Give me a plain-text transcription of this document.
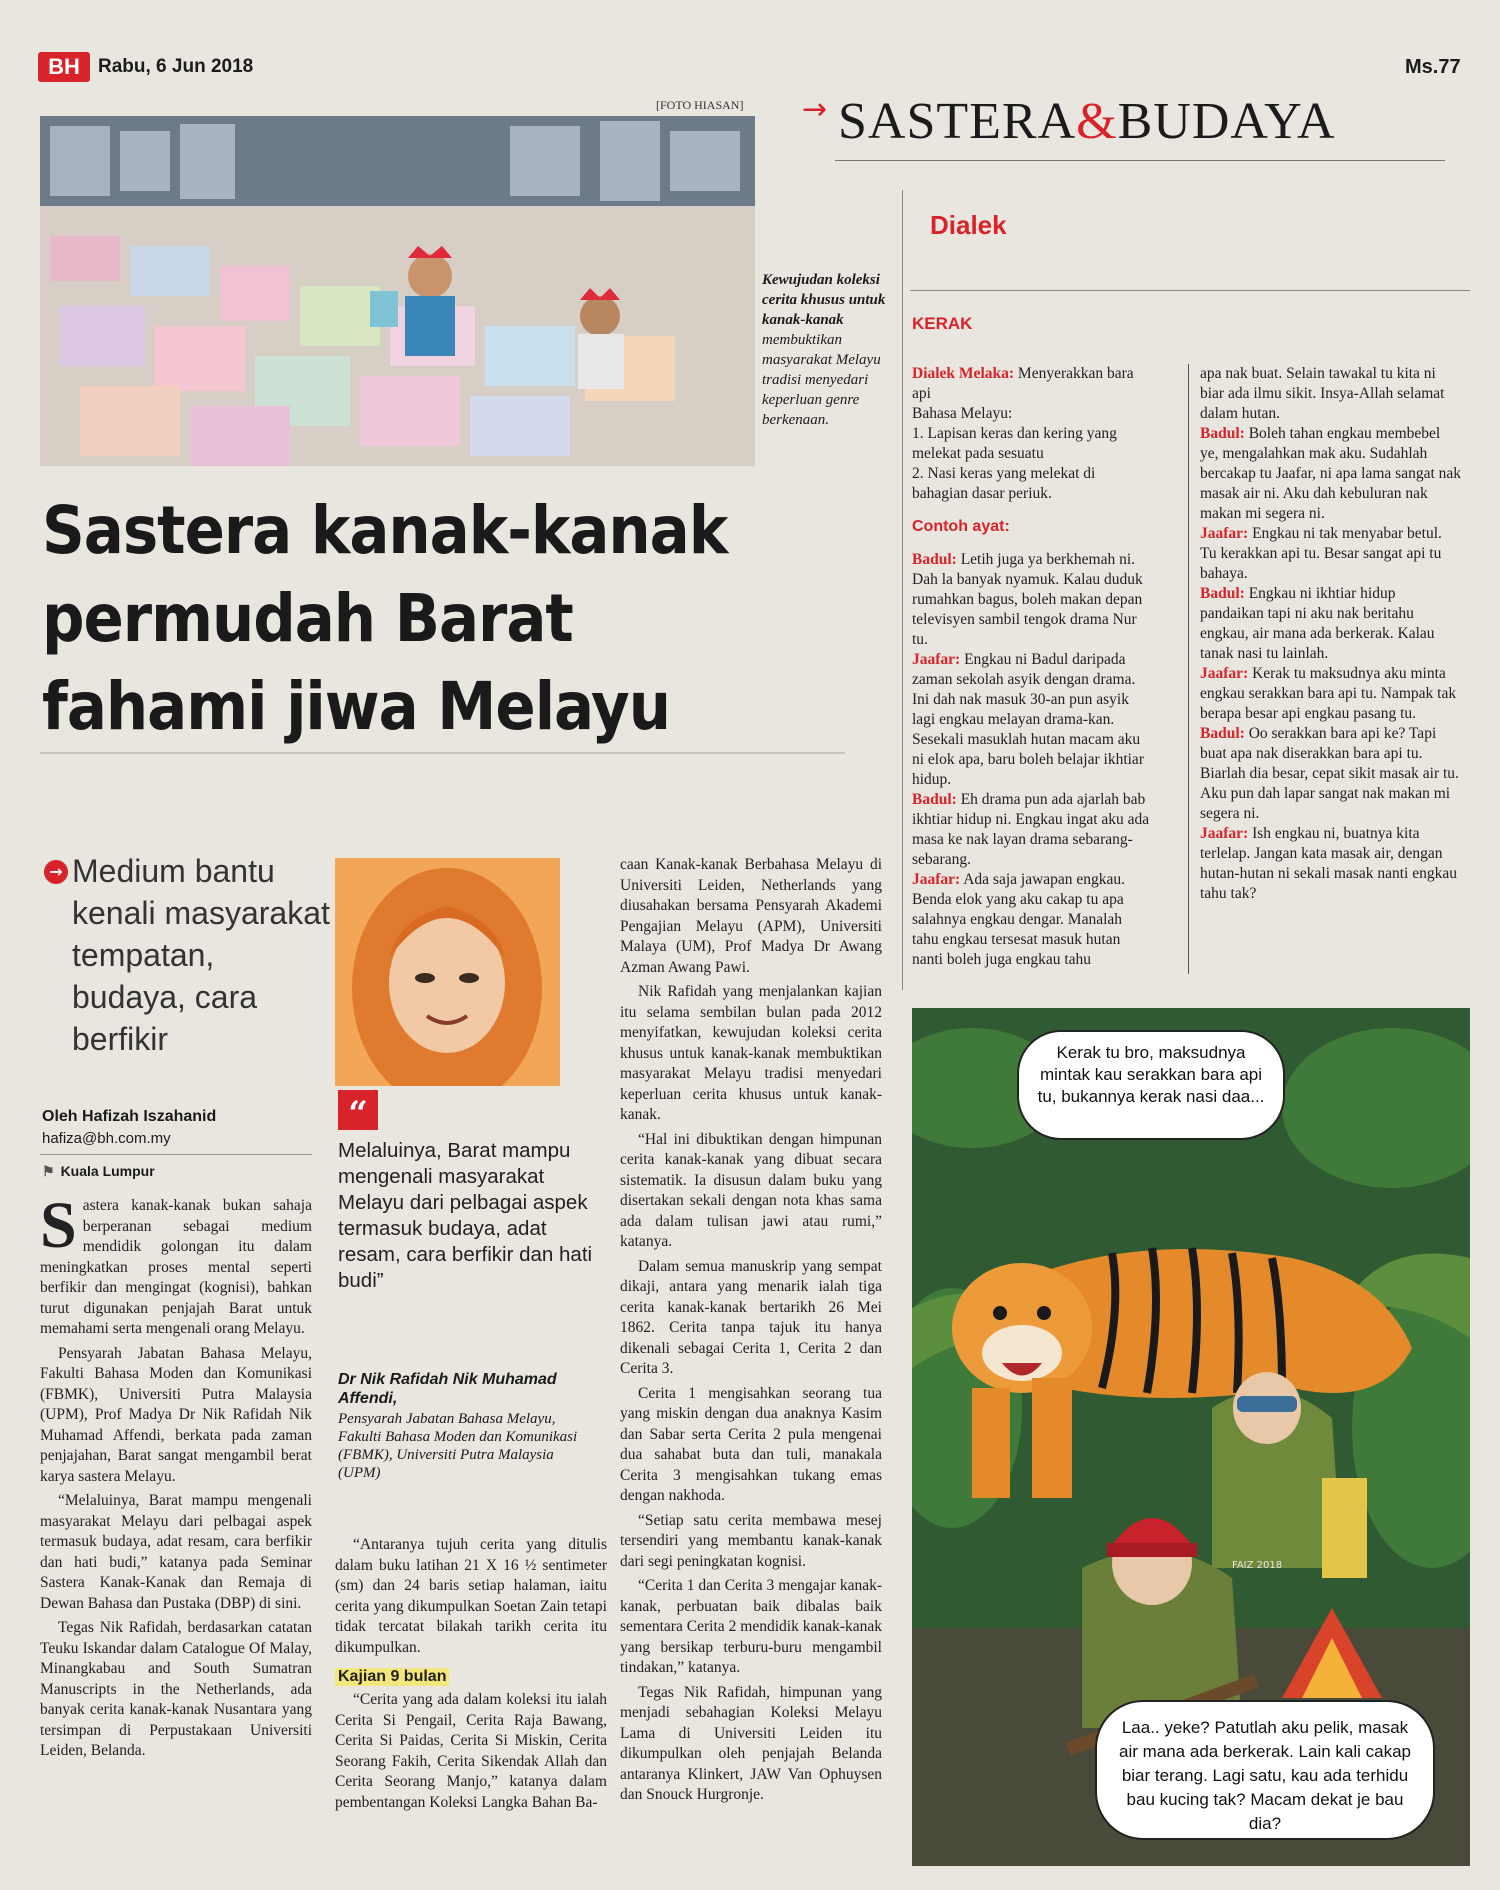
BH Rabu, 6 Jun 2018	Ms.77
→ SASTERA&BUDAYA
[FOTO HIASAN]
Kewujudan koleksi cerita khusus untuk kanak-kanak membuktikan masyarakat Melayu tradisi menyedari keperluan genre berkenaan.
Sastera kanak-kanak permudah Barat fahami jiwa Melayu
→ Medium bantu kenali masyarakat tempatan, budaya, cara berfikir
Oleh Hafizah Iszahanid
hafiza@bh.com.my
⚑ Kuala Lumpur

Sastera kanak-kanak bukan sahaja berperanan sebagai medium mendidik golongan itu dalam meningkatkan proses mental seperti berfikir dan mengingat (kognisi), bahkan turut digunakan penjajah Barat untuk memahami serta mengenali orang Melayu.

Pensyarah Jabatan Bahasa Melayu, Fakulti Bahasa Moden dan Komunikasi (FBMK), Universiti Putra Malaysia (UPM), Prof Madya Dr Nik Rafidah Nik Muhamad Affendi, berkata pada zaman penjajahan, Barat sangat mengambil berat karya sastera Melayu.

“Melaluinya, Barat mampu mengenali masyarakat Melayu dari pelbagai aspek termasuk budaya, adat resam, cara berfikir dan hati budi,” katanya pada Seminar Sastera Kanak-Kanak dan Remaja di Dewan Bahasa dan Pustaka (DBP) di sini.

Tegas Nik Rafidah, berdasarkan catatan Teuku Iskandar dalam Catalogue Of Malay, Minangkabau and South Sumatran Manuscripts in the Netherlands, ada banyak cerita kanak-kanak Nusantara yang tersimpan di Perpustakaan Universiti Leiden, Belanda.

“
Melaluinya, Barat mampu mengenali masyarakat Melayu dari pelbagai aspek termasuk budaya, adat resam, cara berfikir dan hati budi”
Dr Nik Rafidah Nik Muhamad Affendi,
Pensyarah Jabatan Bahasa Melayu, Fakulti Bahasa Moden dan Komunikasi (FBMK), Universiti Putra Malaysia (UPM)

“Antaranya tujuh cerita yang ditulis dalam buku latihan 21 X 16 ½ sentimeter (sm) dan 24 baris setiap halaman, iaitu cerita yang dikumpulkan Soetan Zain tetapi tidak tercatat bilakah tarikh cerita itu dikumpulkan.

Kajian 9 bulan

“Cerita yang ada dalam koleksi itu ialah Cerita Si Pengail, Cerita Raja Bawang, Cerita Si Paidas, Cerita Si Miskin, Cerita Seorang Fakih, Cerita Sikendak Allah dan Cerita Seorang Manjo,” katanya dalam pembentangan Koleksi Langka Bahan Ba-

caan Kanak-kanak Berbahasa Melayu di Universiti Leiden, Netherlands yang diusahakan bersama Pensyarah Akademi Pengajian Melayu (APM), Universiti Malaya (UM), Prof Madya Dr Awang Azman Awang Pawi.

Nik Rafidah yang menjalankan kajian itu selama sembilan bulan pada 2012 menyifatkan, kewujudan koleksi cerita khusus untuk kanak-kanak membuktikan masyarakat Melayu tradisi menyedari keperluan cerita khusus untuk kanak-kanak.

“Hal ini dibuktikan dengan himpunan cerita kanak-kanak yang dibuat secara sistematik. Ia disusun dalam buku yang disertakan sekali dengan nota khas sama ada dalam tulisan jawi atau rumi,” katanya.

Dalam semua manuskrip yang sempat dikaji, antara yang menarik ialah tiga cerita kanak-kanak bertarikh 26 Mei 1862. Cerita tanpa tajuk itu hanya dikenali sebagai Cerita 1, Cerita 2 dan Cerita 3.

Cerita 1 mengisahkan seorang tua yang miskin dengan dua anaknya Kasim dan Sabar serta Cerita 2 pula mengenai dua sahabat buta dan tuli, manakala Cerita 3 mengisahkan tukang emas dengan nakhoda.

“Setiap satu cerita membawa mesej tersendiri yang membantu kanak-kanak dari segi peningkatan kognisi.

“Cerita 1 dan Cerita 3 mengajar kanak-kanak, perbuatan baik dibalas baik sementara Cerita 2 mendidik kanak-kanak yang bersikap terburu-buru mengambil tindakan,” katanya.

Tegas Nik Rafidah, himpunan yang menjadi sebahagian Koleksi Melayu Lama di Universiti Leiden itu dikumpulkan oleh penjajah Belanda antaranya Klinkert, JAW Van Ophuysen dan Snouck Hurgronje.

Dialek
KERAK
Dialek Melaka: Menyerakkan bara api
Bahasa Melayu:
1. Lapisan keras dan kering yang melekat pada sesuatu
2. Nasi keras yang melekat di bahagian dasar periuk.
Contoh ayat:
Badul: Letih juga ya berkhemah ni. Dah la banyak nyamuk. Kalau duduk rumahkan bagus, boleh makan depan televisyen sambil tengok drama Nur tu.
Jaafar: Engkau ni Badul daripada zaman sekolah asyik dengan drama. Ini dah nak masuk 30-an pun asyik lagi engkau melayan drama-kan. Sesekali masuklah hutan macam aku ni elok apa, baru boleh belajar ikhtiar hidup.
Badul: Eh drama pun ada ajarlah bab ikhtiar hidup ni. Engkau ingat aku ada masa ke nak layan drama sebarang-sebarang.
Jaafar: Ada saja jawapan engkau. Benda elok yang aku cakap tu apa salahnya engkau dengar. Manalah tahu engkau tersesat masuk hutan nanti boleh juga engkau tahu
apa nak buat. Selain tawakal tu kita ni biar ada ilmu sikit. Insya-Allah selamat dalam hutan.
Badul: Boleh tahan engkau membebel ye, mengalahkan mak aku. Sudahlah bercakap tu Jaafar, ni apa lama sangat nak masak air ni. Aku dah kebuluran nak makan mi segera ni.
Jaafar: Engkau ni tak menyabar betul. Tu kerakkan api tu. Besar sangat api tu bahaya.
Badul: Engkau ni ikhtiar hidup pandaikan tapi ni aku nak beritahu engkau, air mana ada berkerak. Kalau tanak nasi tu lainlah.
Jaafar: Kerak tu maksudnya aku minta engkau serakkan bara api tu. Nampak tak berapa besar api engkau pasang tu.
Badul: Oo serakkan bara api ke? Tapi buat apa nak diserakkan bara api tu. Biarlah dia besar, cepat sikit masak air tu. Aku pun dah lapar sangat nak makan mi segera ni.
Jaafar: Ish engkau ni, buatnya kita terlelap. Jangan kata masak air, dengan hutan-hutan ni sekali masak nanti engkau tahu tak?
FAIZ 2018
Kerak tu bro, maksudnya mintak kau serakkan bara api tu, bukannya kerak nasi daa...
Laa.. yeke? Patutlah aku pelik, masak air mana ada berkerak. Lain kali cakap biar terang. Lagi satu, kau ada terhidu bau kucing tak? Macam dekat je bau dia?
